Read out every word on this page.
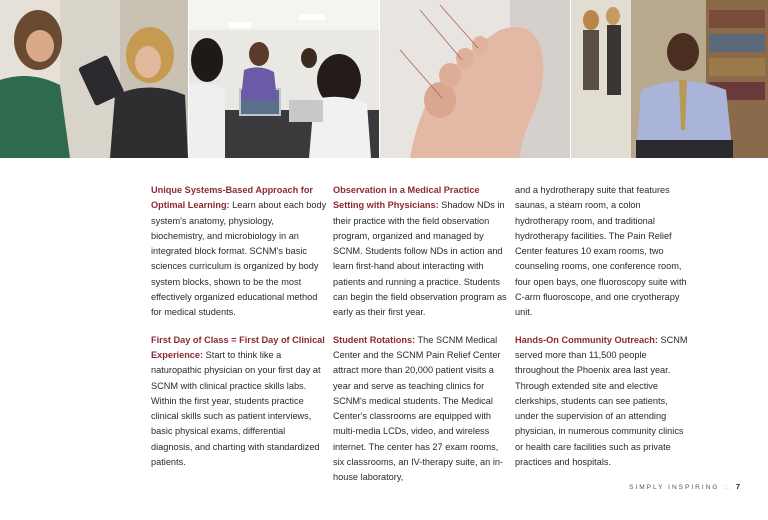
Unique Systems-Based Approach for Optimal Learning: Learn about each body system's anatomy, physiology, biochemistry, and microbiology in an integrated block format. SCNM's basic sciences curriculum is organized by body system blocks, shown to be the most effectively organized educational method for medical students.

First Day of Class = First Day of Clinical Experience: Start to think like a naturopathic physician on your first day at SCNM with clinical practice skills labs. Within the first year, students practice clinical skills such as patient interviews, basic physical exams, differential diagnosis, and charting with standardized patients.

Observation in a Medical Practice Setting with Physicians: Shadow NDs in their practice with the field observation program, organized and managed by SCNM. Students follow NDs in action and learn first-hand about interacting with patients and running a practice. Students can begin the field observation program as early as their first year.

Student Rotations: The SCNM Medical Center and the SCNM Pain Relief Center attract more than 20,000 patient visits a year and serve as teaching clinics for SCNM's medical students. The Medical Center's classrooms are equipped with multi-media LCDs, video, and wireless internet. The center has 27 exam rooms, six classrooms, an IV-therapy suite, an in-house laboratory,

and a hydrotherapy suite that features saunas, a steam room, a colon hydrotherapy room, and traditional hydrotherapy facilities. The Pain Relief Center features 10 exam rooms, two counseling rooms, one conference room, four open bays, one fluoroscopy suite with C-arm fluoroscope, and one cryotherapy unit.

Hands-On Community Outreach: SCNM served more than 11,500 people throughout the Phoenix area last year. Through extended site and elective clerkships, students can see patients, under the supervision of an attending physician, in numerous community clinics or health care facilities such as private practices and hospitals.

SIMPLY INSPIRING ::: 7
